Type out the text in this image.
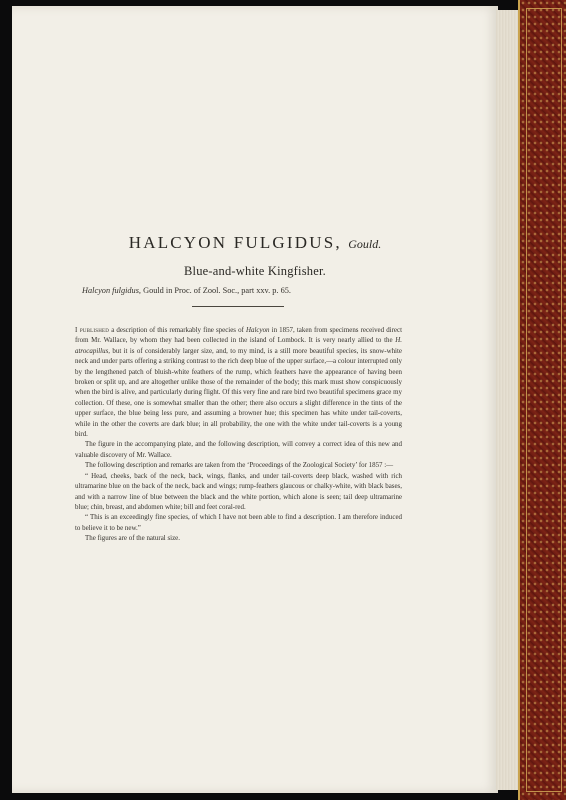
HALCYON FULGIDUS, Gould.
Blue-and-white Kingfisher.
Halcyon fulgidus, Gould in Proc. of Zool. Soc., part xxv. p. 65.

I published a description of this remarkably fine species of Halcyon in 1857, taken from specimens received direct from Mr. Wallace, by whom they had been collected in the island of Lombock. It is very nearly allied to the H. atrocapillus, but it is of considerably larger size, and, to my mind, is a still more beautiful species, its snow-white neck and under parts offering a striking contrast to the rich deep blue of the upper surface,—a colour interrupted only by the lengthened patch of bluish-white feathers of the rump, which feathers have the appearance of having been broken or split up, and are altogether unlike those of the remainder of the body; this mark must show conspicuously when the bird is alive, and particularly during flight. Of this very fine and rare bird two beautiful specimens grace my collection. Of these, one is somewhat smaller than the other; there also occurs a slight difference in the tints of the upper surface, the blue being less pure, and assuming a browner hue; this specimen has white under tail-coverts, while in the other the coverts are dark blue; in all probability, the one with the white under tail-coverts is a young bird.

The figure in the accompanying plate, and the following description, will convey a correct idea of this new and valuable discovery of Mr. Wallace.

The following description and remarks are taken from the ‘Proceedings of the Zoological Society’ for 1857 :—

“ Head, cheeks, back of the neck, back, wings, flanks, and under tail-coverts deep black, washed with rich ultramarine blue on the back of the neck, back and wings; rump-feathers glaucous or chalky-white, with black bases, and with a narrow line of blue between the black and the white portion, which alone is seen; tail deep ultramarine blue; chin, breast, and abdomen white; bill and feet coral-red.

“ This is an exceedingly fine species, of which I have not been able to find a description. I am therefore induced to believe it to be new.”

The figures are of the natural size.
